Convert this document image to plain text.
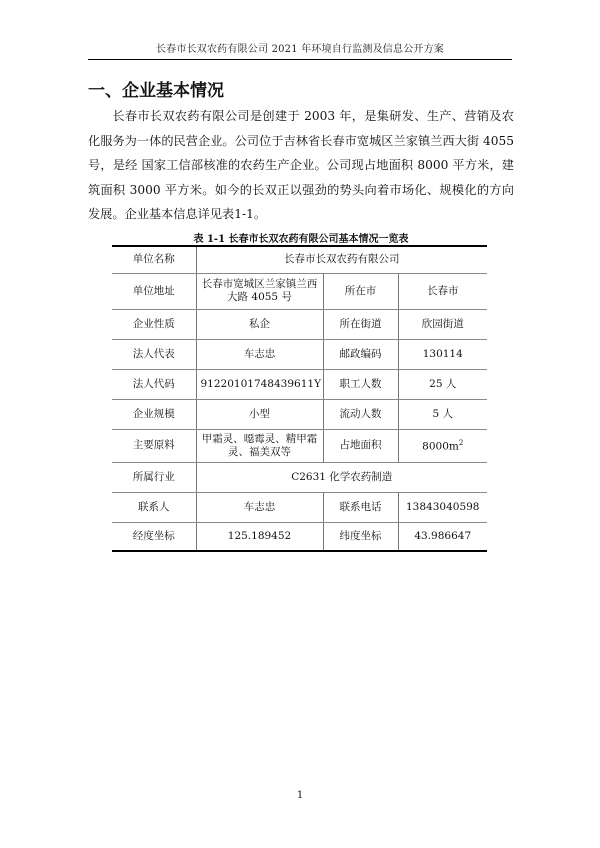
长春市长双农药有限公司 2021 年环境自行监测及信息公开方案
一、企业基本情况
长春市长双农药有限公司是创建于 2003 年，是集研发、生产、营销及农化服务为一体的民营企业。公司位于吉林省长春市宽城区兰家镇兰西大街 4055 号，是经 国家工信部核准的农药生产企业。公司现占地面积 8000 平方米，建筑面积 3000 平方米。如今的长双正以强劲的势头向着市场化、规模化的方向发展。企业基本信息详见表1-1。
表 1-1 长春市长双农药有限公司基本情况一览表
单位名称	长春市长双农药有限公司		
单位地址	长春市宽城区兰家镇兰西大路 4055 号	所在市	长春市
企业性质	私企	所在街道	欣园街道
法人代表	车志忠	邮政编码	130114
法人代码	91220101748439611Y	职工人数	25 人
企业规模	小型	流动人数	5 人
主要原料	甲霜灵、噁霉灵、精甲霜灵、福美双等	占地面积	$8000m^2$
所属行业	C2631 化学农药制造		
联系人	车志忠	联系电话	13843040598
经度坐标	125.189452	纬度坐标	43.986647
1
